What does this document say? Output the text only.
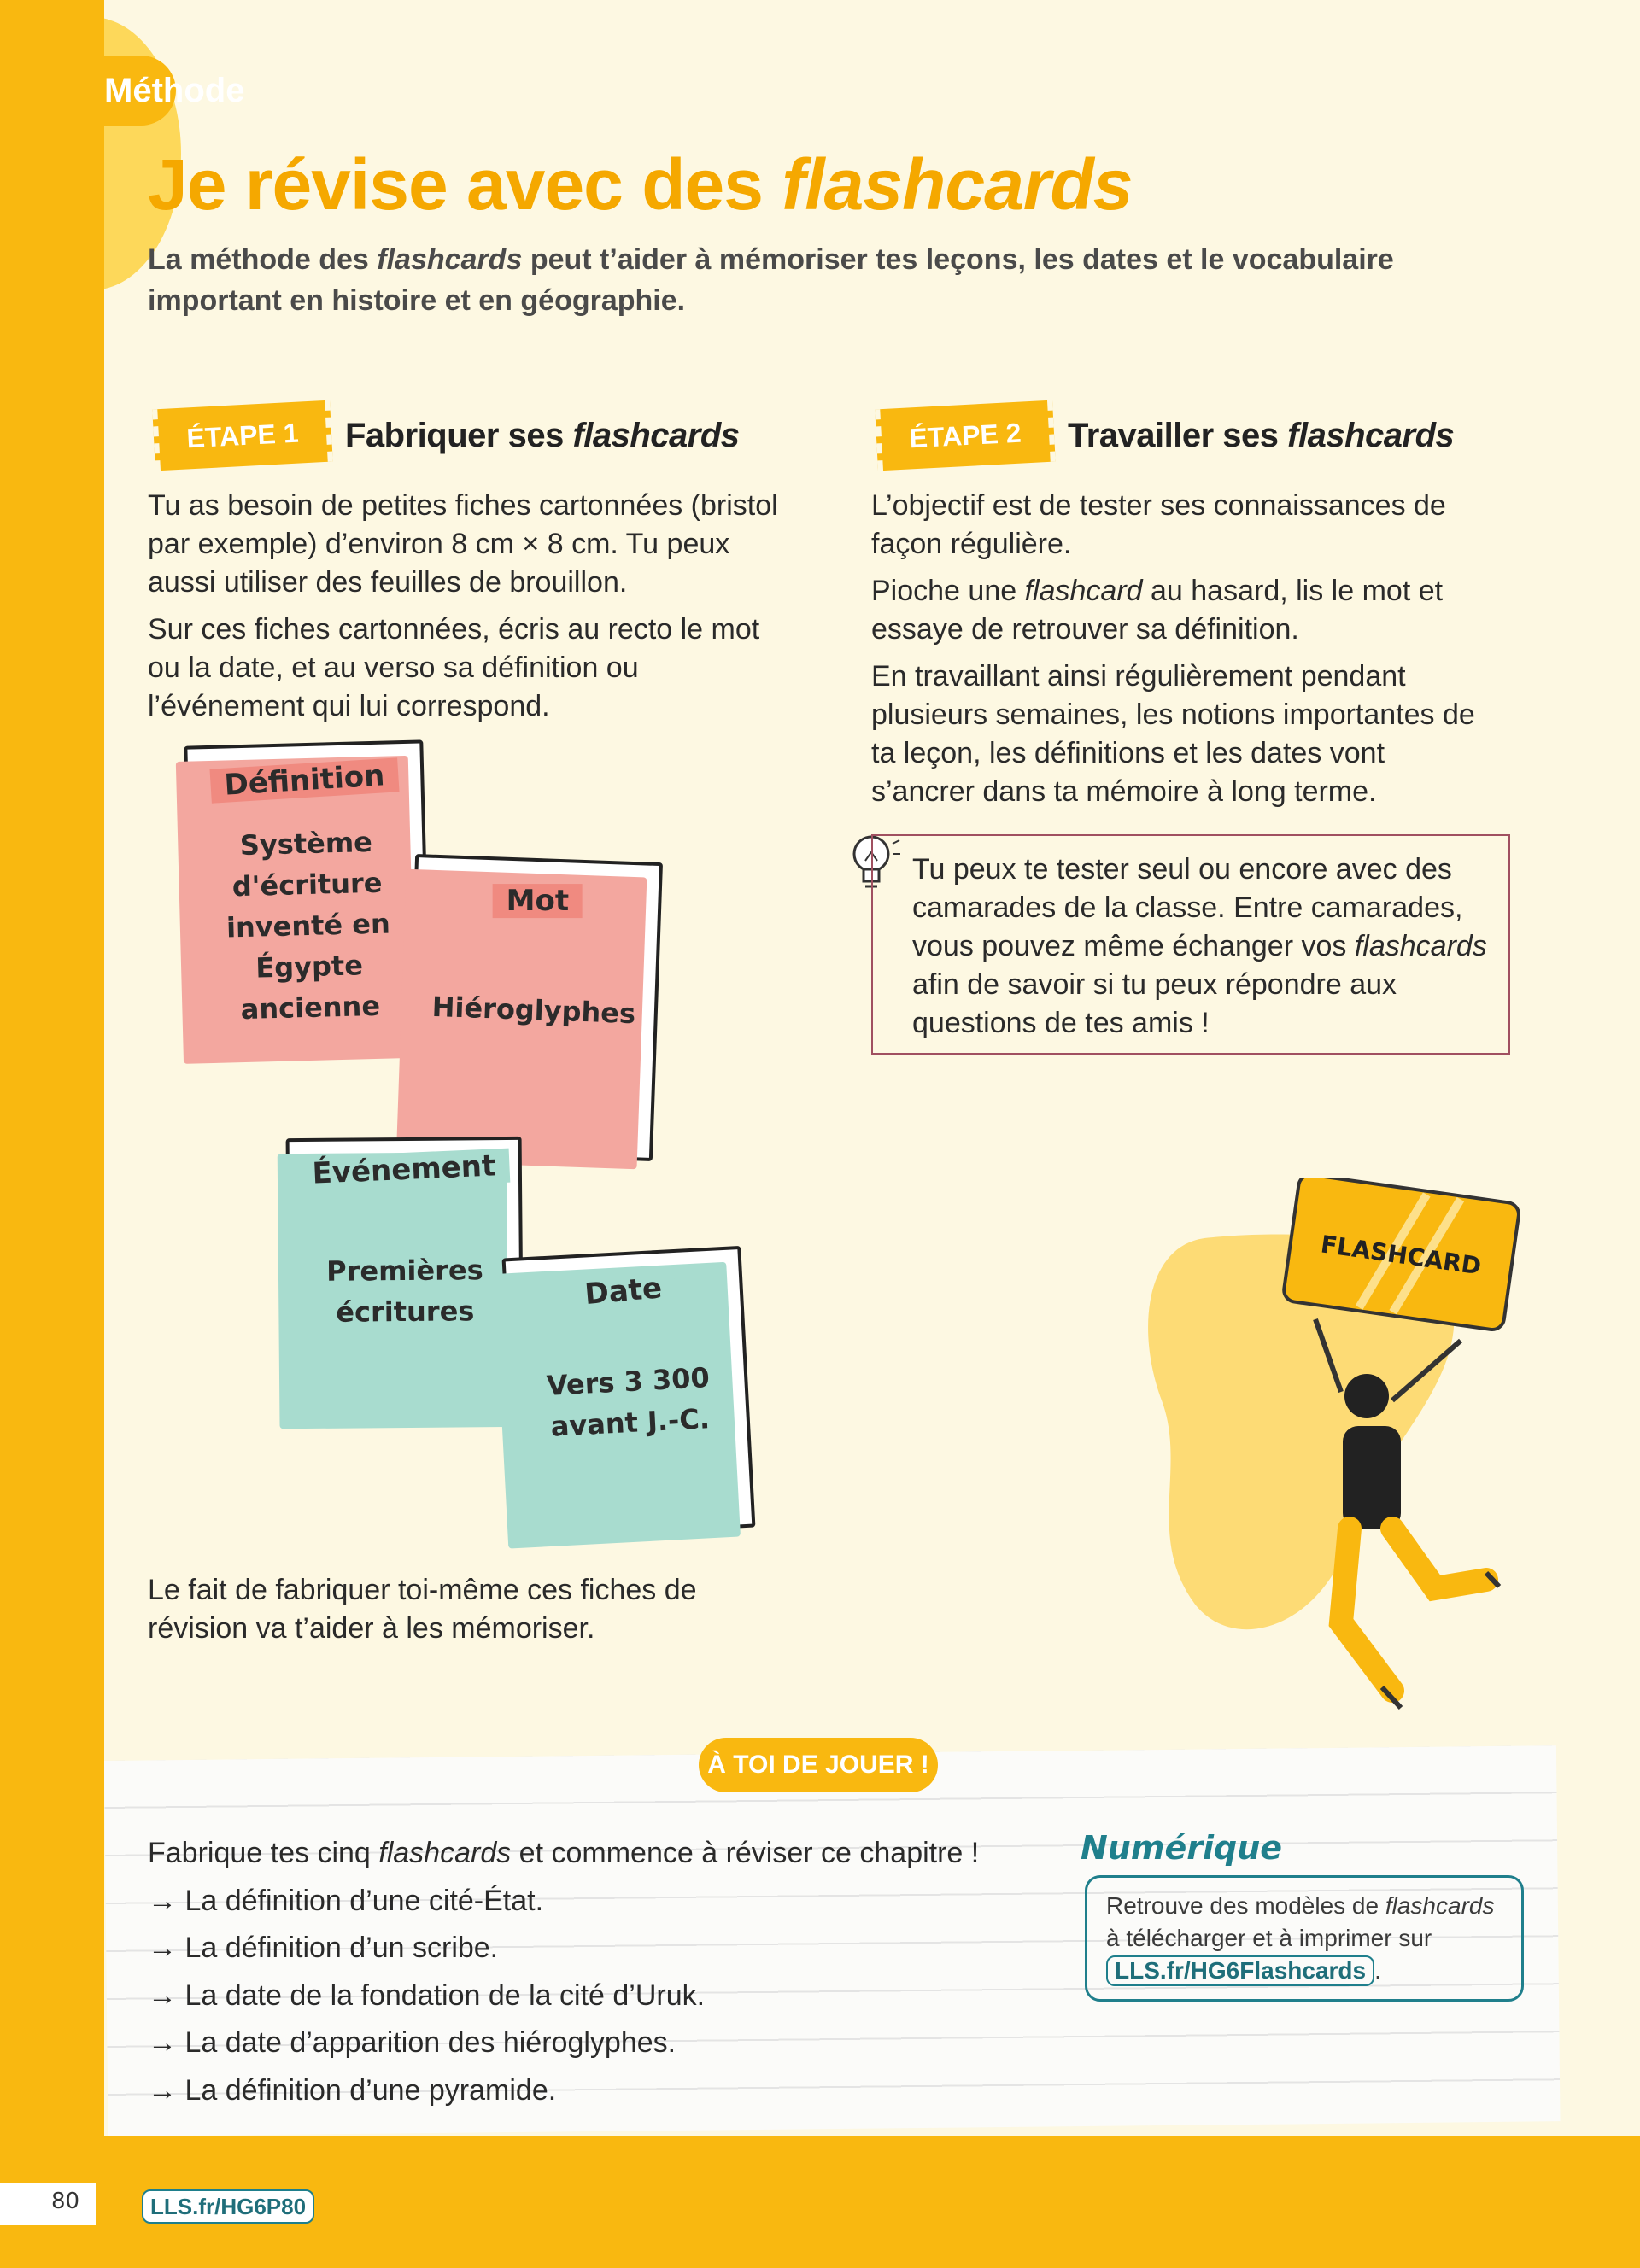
Méthode
Je révise avec des flashcards
La méthode des flashcards peut t’aider à mémoriser tes leçons, les dates et le vocabulaire important en histoire et en géographie.
ÉTAPE 1	Fabriquer ses flashcards

Tu as besoin de petites fiches cartonnées (bristol par exemple) d’environ 8 cm × 8 cm. Tu peux aussi utiliser des feuilles de brouillon.

Sur ces fiches cartonnées, écris au recto le mot ou la date, et au verso sa définition ou l’événement qui lui correspond.

Définition
Système d'écriture inventé en Égypte ancienne
Mot
Hiéroglyphes
Événement
Premières écritures	Date
Vers 3 300 avant J.-C.

Le fait de fabriquer toi-même ces fiches de révision va t’aider à les mémoriser.

ÉTAPE 2	Travailler ses flashcards

L’objectif est de tester ses connaissances de façon régulière.

Pioche une flashcard au hasard, lis le mot et essaye de retrouver sa définition.

En travaillant ainsi régulièrement pendant plusieurs semaines, les notions importantes de ta leçon, les définitions et les dates vont s’ancrer dans ta mémoire à long terme.

Tu peux te tester seul ou encore avec des camarades de la classe. Entre camarades, vous pouvez même échanger vos flashcards afin de savoir si tu peux répondre aux questions de tes amis !
FLASHCARD
À TOI DE JOUER !
Fabrique tes cinq flashcards et commence à réviser ce chapitre !
→ La définition d’une cité-État.
→ La définition d’un scribe.
→ La date de la fondation de la cité d’Uruk.
→ La date d’apparition des hiéroglyphes.
→ La définition d’une pyramide.
Numérique
Retrouve des modèles de flashcards à télécharger et à imprimer sur
LLS.fr/HG6Flashcards .
80	LLS.fr/HG6P80
